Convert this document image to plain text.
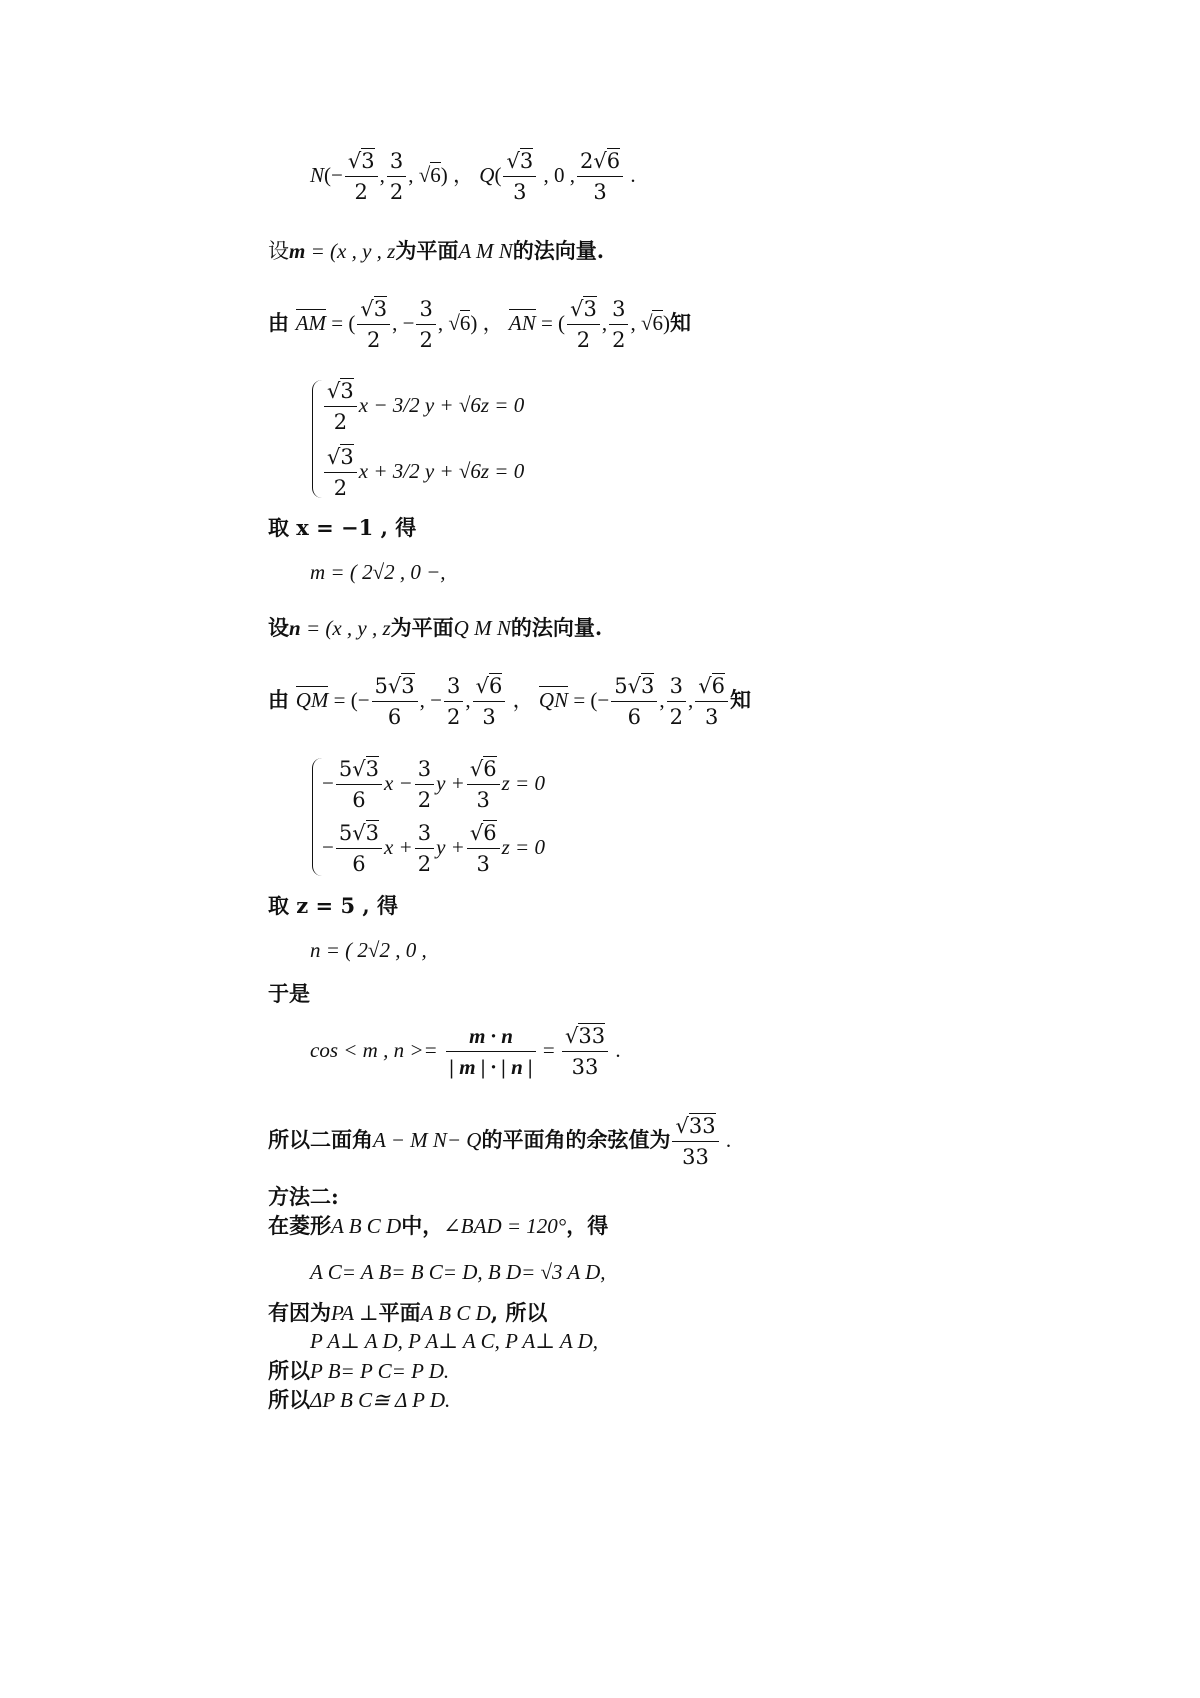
$N(- \frac{√3}{2}$ , $\frac{3}{2}$ , √6) ， $Q( \frac{√3}{3}$ , 0 , $\frac{2√6}{3}$ .
设m = (x , y , z为平面A M N的法向量.
由 AM = ( $\frac{√3}{2}$ , − $\frac{3}{2}$ , √6) ， AN = ( $\frac{√3}{2}$ , $\frac{3}{2}$ , √6)知
$\frac{√3}{2}$ x − 3/2 y + √6z = 0
$\frac{√3}{2}$ x + 3/2 y + √6z = 0
取 x = −1 , 得
m = ( 2√2 , 0 −,
设n = (x , y , z为平面Q M N的法向量.
由 QM = (− $\frac{5√3}{6}$ , − $\frac{3}{2}$ , $\frac{√6}{3}$ ， QN = (− $\frac{5√3}{6}$ , $\frac{3}{2}$ , $\frac{√6}{3}$ 知
− $\frac{5√3}{6}$ $x - \frac{3}{2}$ $y + \frac{√6}{3}$ z = 0
− $\frac{5√3}{6}$ $x + \frac{3}{2}$ $y + \frac{√6}{3}$ z = 0
取 z = 5 , 得
n = ( 2√2 , 0 ,
于是
cos < m , $n >= \frac{m \cdot n}{| m | \cdot | n |} = \frac{√33}{33}$ .
所以二面角A − M N− Q的平面角的余弦值为 $\frac{√33}{33}$ .
方法二:
在菱形A B C D中，∠BAD = 120°，得
A C= A B= B C= D, B D= √3 A D,
有因为PA ⊥平面A B C D, 所以
P A⊥ A D, P A⊥ A C, P A⊥ A D,
所以P B= P C= P D.
所以ΔP B C≅ Δ P D.
